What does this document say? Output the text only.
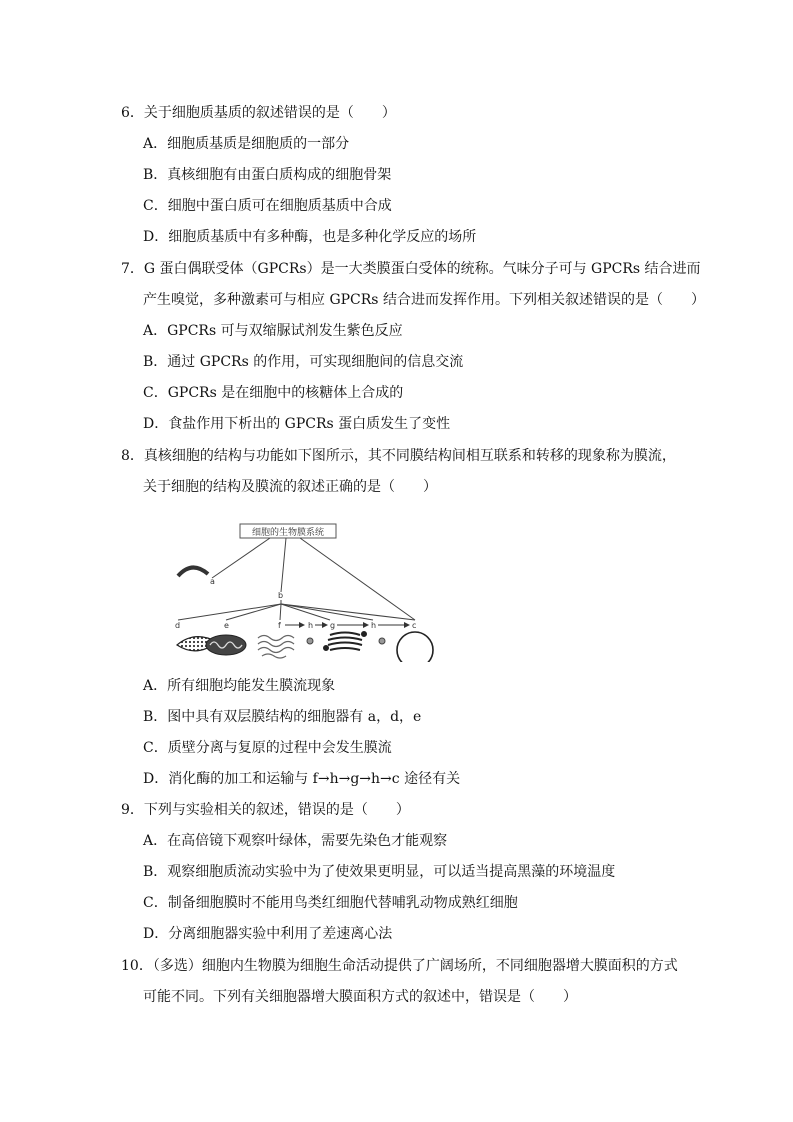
6．关于细胞质基质的叙述错误的是（　　）
A．细胞质基质是细胞质的一部分
B．真核细胞有由蛋白质构成的细胞骨架
C．细胞中蛋白质可在细胞质基质中合成
D．细胞质基质中有多种酶，也是多种化学反应的场所
7．G 蛋白偶联受体（GPCRs）是一大类膜蛋白受体的统称。气味分子可与 GPCRs 结合进而
产生嗅觉，多种激素可与相应 GPCRs 结合进而发挥作用。下列相关叙述错误的是（　　）
A．GPCRs 可与双缩脲试剂发生紫色反应
B．通过 GPCRs 的作用，可实现细胞间的信息交流
C．GPCRs 是在细胞中的核糖体上合成的
D．食盐作用下析出的 GPCRs 蛋白质发生了变性
8．真核细胞的结构与功能如下图所示，其不同膜结构间相互联系和转移的现象称为膜流，
关于细胞的结构及膜流的叙述正确的是（　　）
细胞的生物膜系统
a
b
d	e	f	h g	h	c
A．所有细胞均能发生膜流现象
B．图中具有双层膜结构的细胞器有 a，d，e
C．质壁分离与复原的过程中会发生膜流
D．消化酶的加工和运输与 f→h→g→h→c 途径有关
9．下列与实验相关的叙述，错误的是（　　）
A．在高倍镜下观察叶绿体，需要先染色才能观察
B．观察细胞质流动实验中为了使效果更明显，可以适当提高黑藻的环境温度
C．制备细胞膜时不能用鸟类红细胞代替哺乳动物成熟红细胞
D．分离细胞器实验中利用了差速离心法
10．（多选）细胞内生物膜为细胞生命活动提供了广阔场所，不同细胞器增大膜面积的方式
可能不同。下列有关细胞器增大膜面积方式的叙述中，错误是（　　）
